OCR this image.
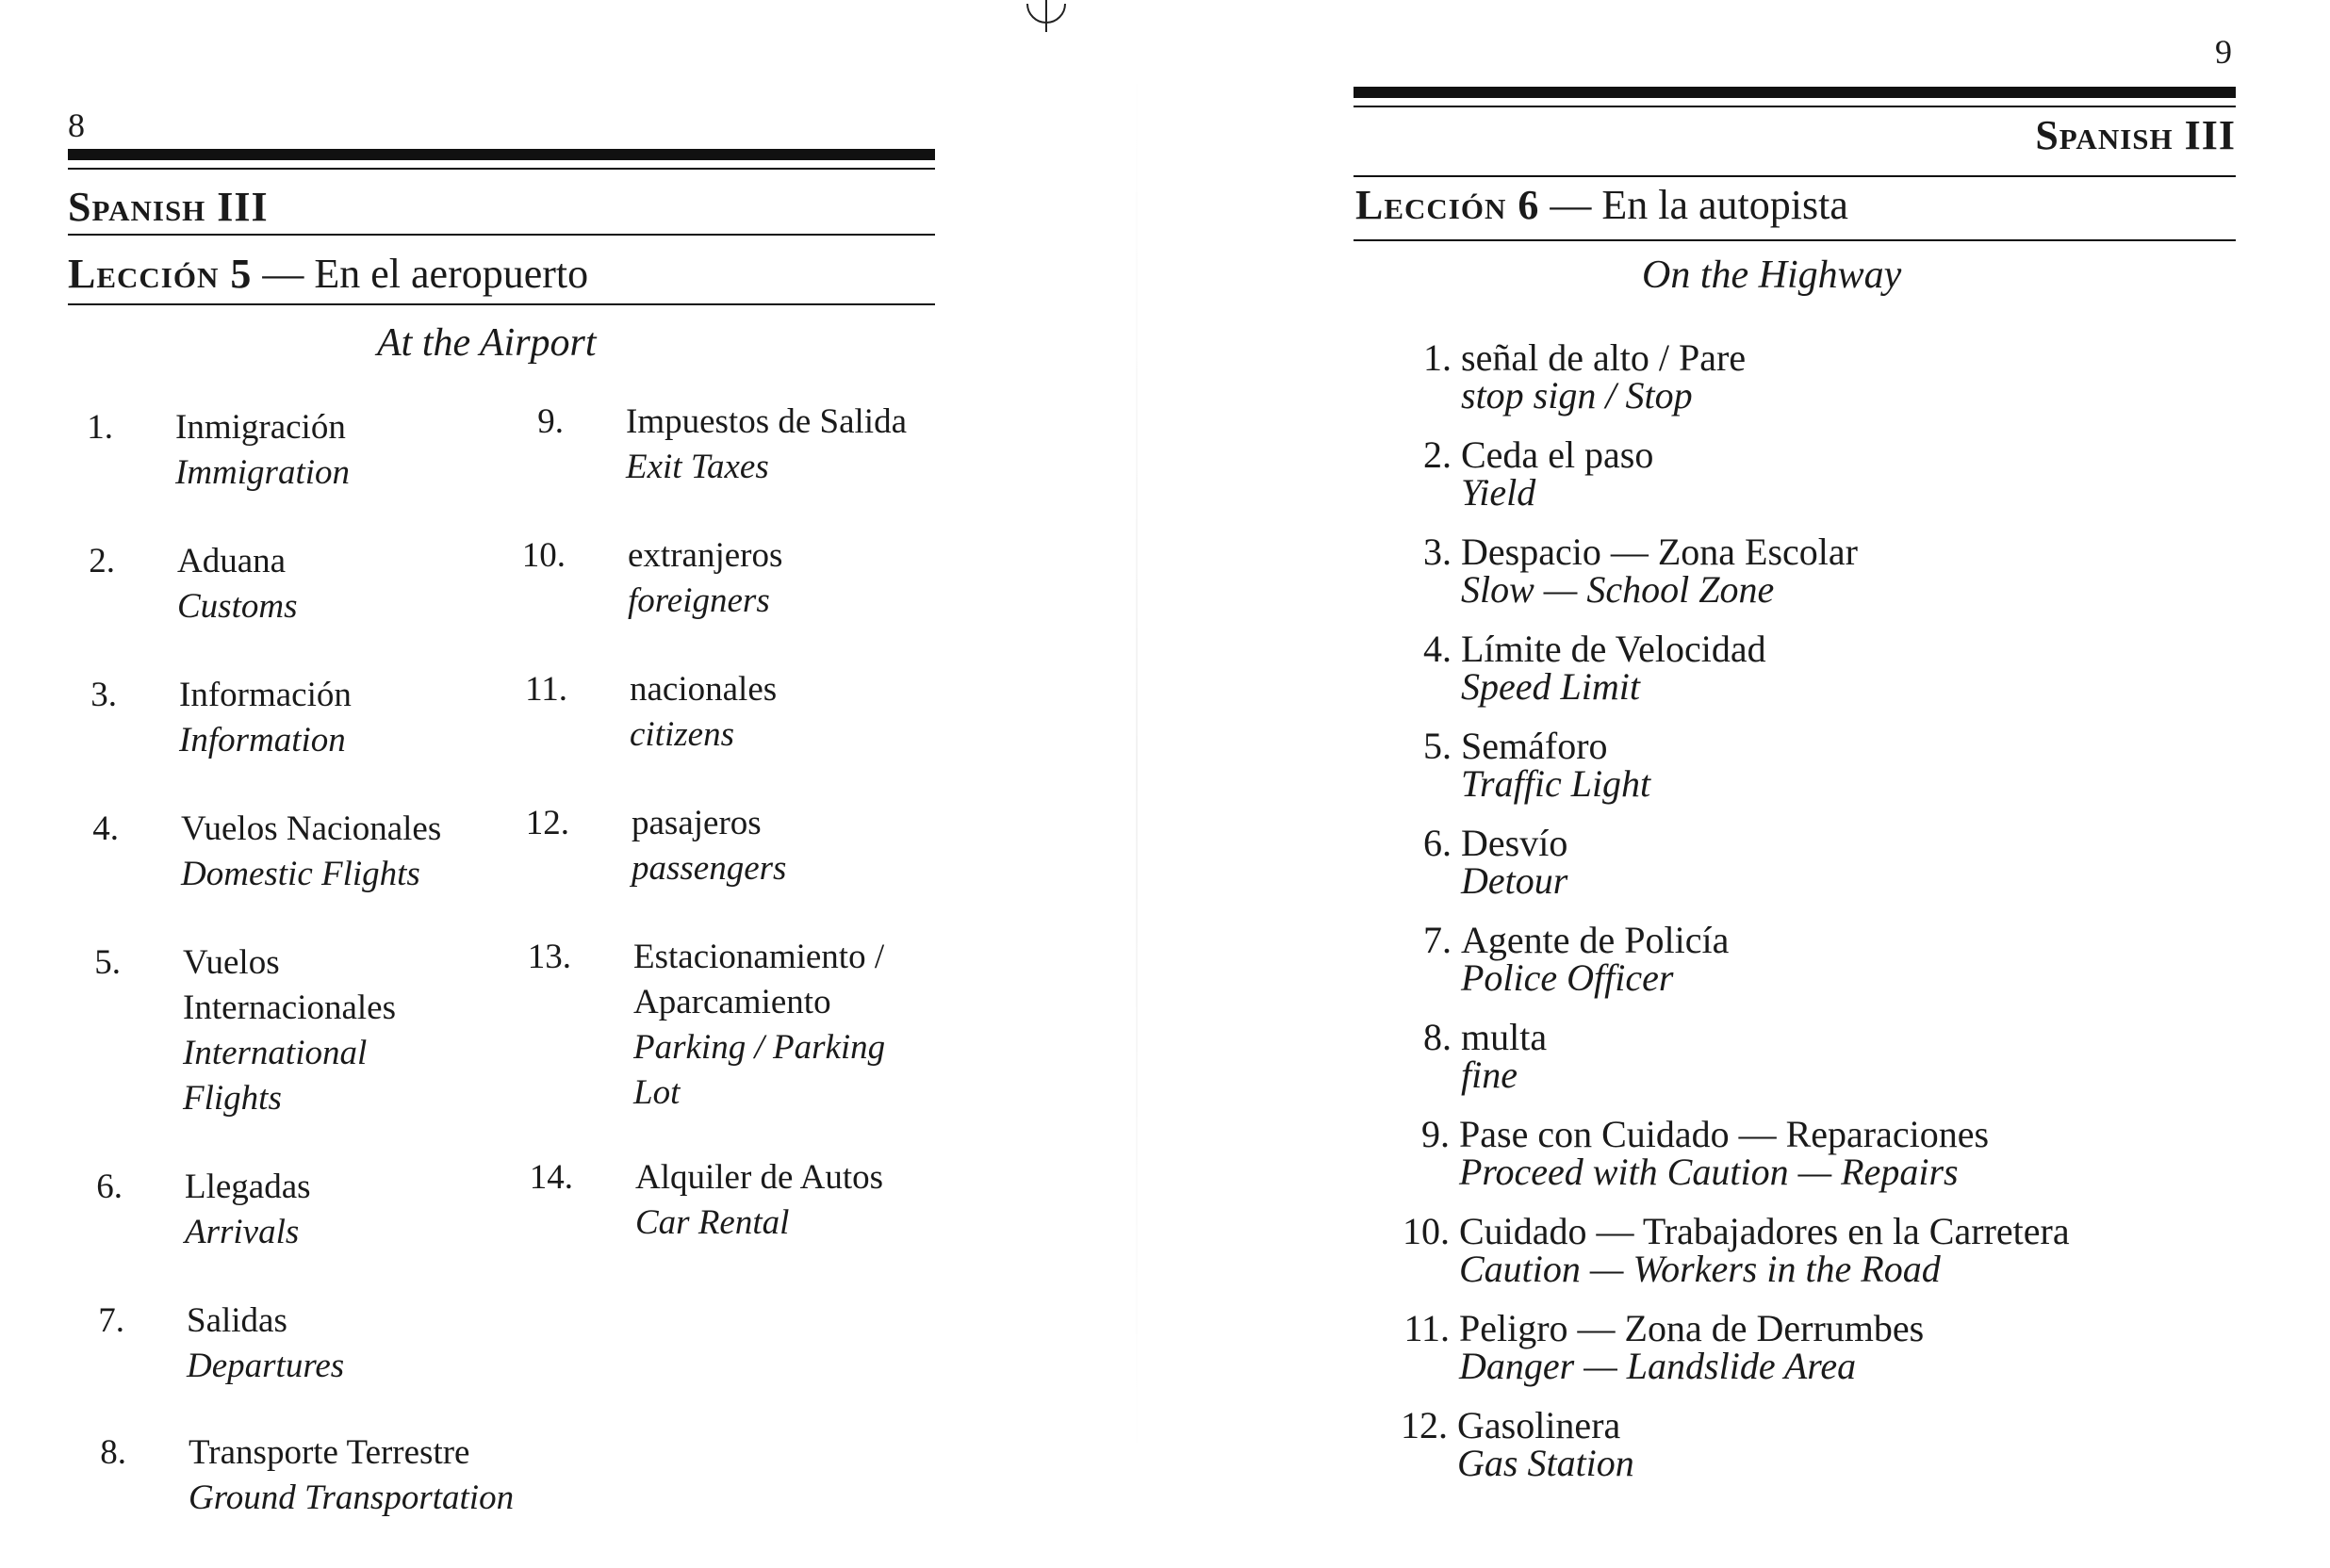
8
Spanish III
Lección 5 — En el aeropuerto
At the Airport
1. Inmigración
Immigration
2. Aduana
Customs
3. Información
Information
4. Vuelos Nacionales
Domestic Flights
5. Vuelos
Internacionales
International
Flights
6. Llegadas
Arrivals
7. Salidas
Departures
8. Transporte Terrestre
Ground Transportation
9. Impuestos de Salida
Exit Taxes
10. extranjeros
foreigners
11. nacionales
citizens
12. pasajeros
passengers
13. Estacionamiento /
Aparcamiento
Parking / Parking
Lot
14. Alquiler de Autos
Car Rental
9
Spanish III
Lección 6 — En la autopista
On the Highway
1. señal de alto / Pare
stop sign / Stop
2. Ceda el paso
Yield
3. Despacio — Zona Escolar
Slow — School Zone
4. Límite de Velocidad
Speed Limit
5. Semáforo
Traffic Light
6. Desvío
Detour
7. Agente de Policía
Police Officer
8. multa
fine
9. Pase con Cuidado — Reparaciones
Proceed with Caution — Repairs
10. Cuidado — Trabajadores en la Carretera
Caution — Workers in the Road
11. Peligro — Zona de Derrumbes
Danger — Landslide Area
12. Gasolinera
Gas Station
